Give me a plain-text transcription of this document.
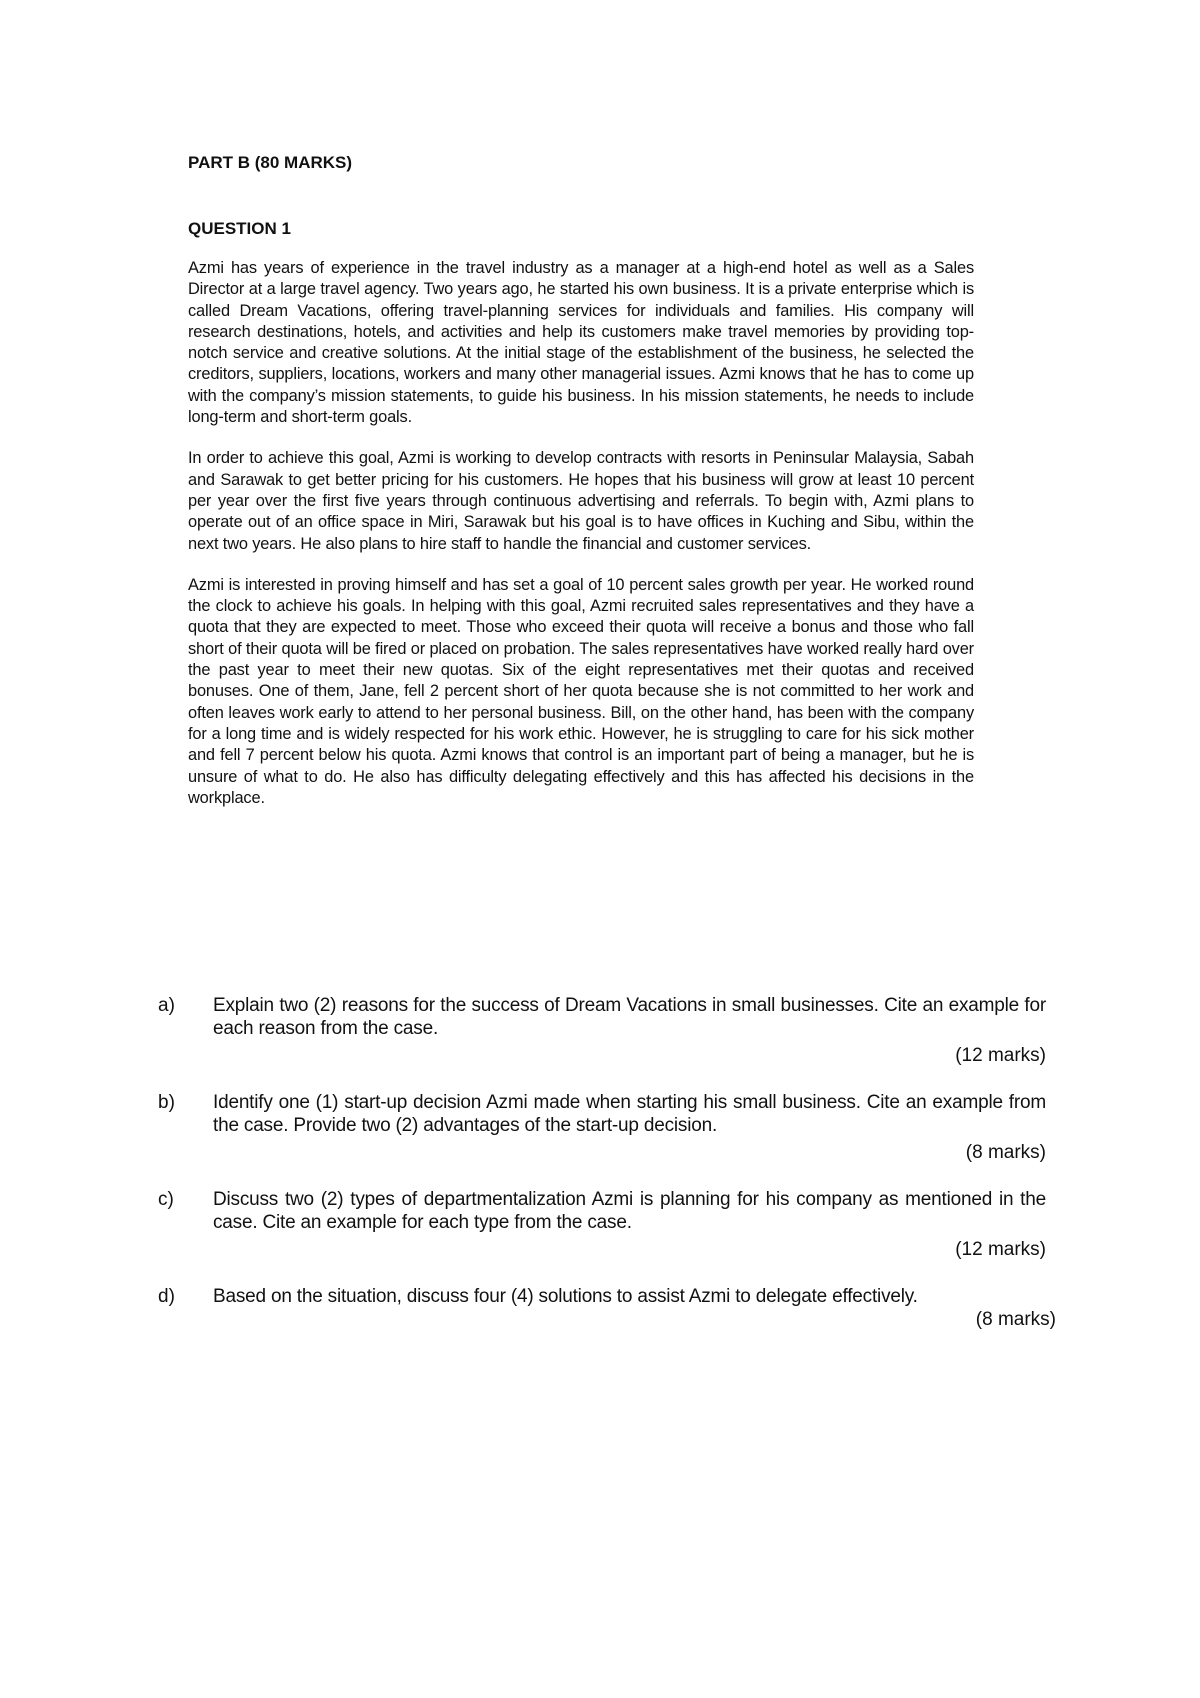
PART B (80 MARKS)

QUESTION 1

Azmi has years of experience in the travel industry as a manager at a high-end hotel as well as a Sales Director at a large travel agency. Two years ago, he started his own business. It is a private enterprise which is called Dream Vacations, offering travel-planning services for individuals and families. His company will research destinations, hotels, and activities and help its customers make travel memories by providing top-notch service and creative solutions. At the initial stage of the establishment of the business, he selected the creditors, suppliers, locations, workers and many other managerial issues. Azmi knows that he has to come up with the company’s mission statements, to guide his business. In his mission statements, he needs to include long-term and short-term goals.

In order to achieve this goal, Azmi is working to develop contracts with resorts in Peninsular Malaysia, Sabah and Sarawak to get better pricing for his customers. He hopes that his business will grow at least 10 percent per year over the first five years through continuous advertising and referrals. To begin with, Azmi plans to operate out of an office space in Miri, Sarawak but his goal is to have offices in Kuching and Sibu, within the next two years. He also plans to hire staff to handle the financial and customer services.

Azmi is interested in proving himself and has set a goal of 10 percent sales growth per year. He worked round the clock to achieve his goals. In helping with this goal, Azmi recruited sales representatives and they have a quota that they are expected to meet. Those who exceed their quota will receive a bonus and those who fall short of their quota will be fired or placed on probation. The sales representatives have worked really hard over the past year to meet their new quotas. Six of the eight representatives met their quotas and received bonuses. One of them, Jane, fell 2 percent short of her quota because she is not committed to her work and often leaves work early to attend to her personal business. Bill, on the other hand, has been with the company for a long time and is widely respected for his work ethic. However, he is struggling to care for his sick mother and fell 7 percent below his quota. Azmi knows that control is an important part of being a manager, but he is unsure of what to do. He also has difficulty delegating effectively and this has affected his decisions in the workplace.

a) Explain two (2) reasons for the success of Dream Vacations in small businesses. Cite an example for each reason from the case.
(12 marks)
b) Identify one (1) start-up decision Azmi made when starting his small business. Cite an example from the case. Provide two (2) advantages of the start-up decision.
(8 marks)
c) Discuss two (2) types of departmentalization Azmi is planning for his company as mentioned in the case. Cite an example for each type from the case.
(12 marks)
d) Based on the situation, discuss four (4) solutions to assist Azmi to delegate effectively.
(8 marks)
